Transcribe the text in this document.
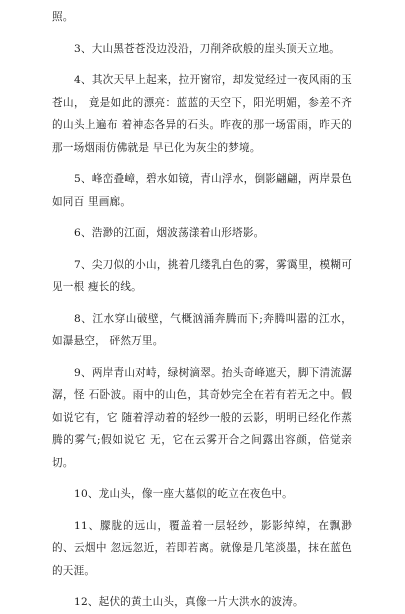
照。

3、大山黑苍苍没边没沿，刀削斧砍般的崖头顶天立地。

4、其次天早上起来，拉开窗帘，却发觉经过一夜风雨的玉苍山， 竟是如此的漂亮：蓝蓝的天空下，阳光明媚，参差不齐的山头上遍布 着神态各异的石头。昨夜的那一场雷雨，昨天的那一场烟雨仿佛就是 早已化为灰尘的梦境。

5、峰峦叠嶂，碧水如镜，青山浮水，倒影翩翩，两岸景色如同百 里画廊。

6、浩渺的江面，烟波荡漾着山形塔影。

7、尖刀似的小山，挑着几缕乳白色的雾，雾霭里，模糊可见一根 瘦长的线。

8、江水穿山破壁，气概汹涌奔腾而下;奔腾叫嚣的江水，如瀑悬空， 砰然万里。

9、两岸青山对峙，绿树滴翠。抬头奇峰遮天，脚下清流潺潺，怪 石卧波。雨中的山色，其奇妙完全在若有若无之中。假如说它有，它 随着浮动着的轻纱一般的云影，明明已经化作蒸腾的雾气;假如说它 无，它在云雾开合之间露出容颜，倍觉亲切。

10、龙山头，像一座大墓似的屹立在夜色中。

11、朦胧的远山，覆盖着一层轻纱，影影绰绰，在飘渺的、云烟中 忽远忽近，若即若离。就像是几笔淡墨，抹在蓝色的天涯。

12、起伏的黄土山头，真像一片大洪水的波涛。
